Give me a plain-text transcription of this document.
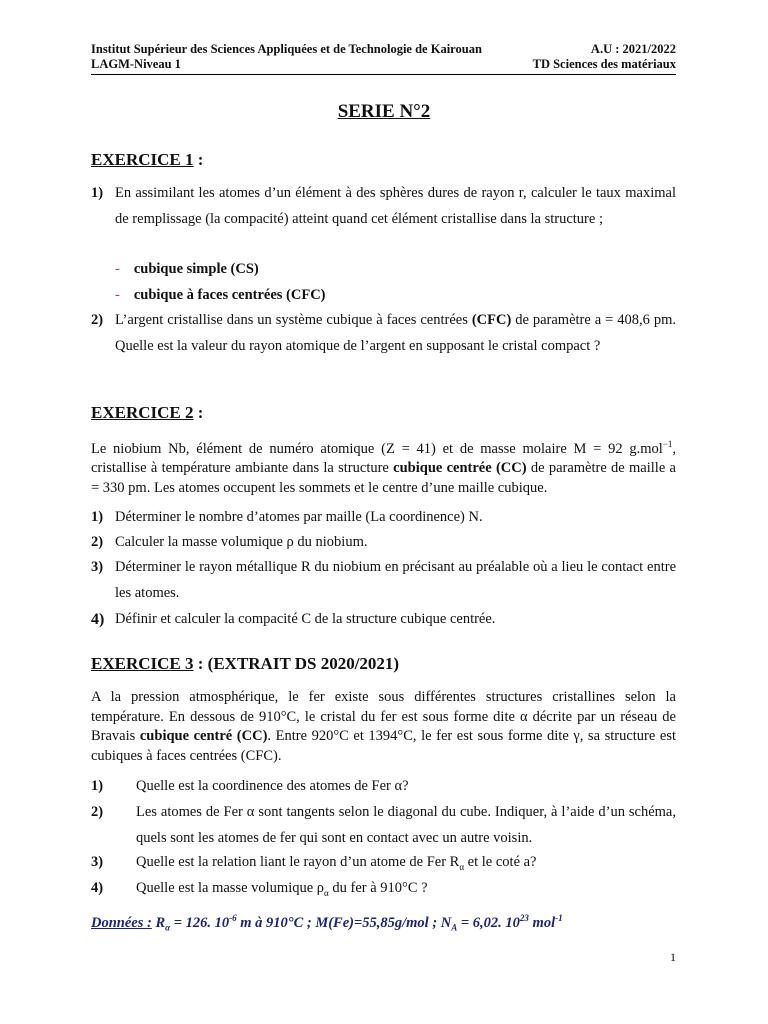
Institut Supérieur des Sciences Appliquées et de Technologie de Kairouan	A.U : 2021/2022
LAGM-Niveau 1	TD Sciences des matériaux
SERIE N°2
EXERCICE 1 :
1) En assimilant les atomes d’un élément à des sphères dures de rayon r, calculer le taux maximal de remplissage (la compacité) atteint quand cet élément cristallise dans la structure ;
- cubique simple (CS)
- cubique à faces centrées (CFC)
2) L’argent cristallise dans un système cubique à faces centrées (CFC) de paramètre a = 408,6 pm. Quelle est la valeur du rayon atomique de l’argent en supposant le cristal compact ?
EXERCICE 2 :
Le niobium Nb, élément de numéro atomique (Z = 41) et de masse molaire M = 92 g.mol$^{-1}$, cristallise à température ambiante dans la structure cubique centrée (CC) de paramètre de maille a = 330 pm. Les atomes occupent les sommets et le centre d’une maille cubique.
1) Déterminer le nombre d’atomes par maille (La coordinence) N.
2) Calculer la masse volumique ρ du niobium.
3) Déterminer le rayon métallique R du niobium en précisant au préalable où a lieu le contact entre les atomes.
4) Définir et calculer la compacité C de la structure cubique centrée.
EXERCICE 3 : (EXTRAIT DS 2020/2021)
A la pression atmosphérique, le fer existe sous différentes structures cristallines selon la température. En dessous de 910°C, le cristal du fer est sous forme dite α décrite par un réseau de Bravais cubique centré (CC). Entre 920°C et 1394°C, le fer est sous forme dite γ, sa structure est cubiques à faces centrées (CFC).
1) Quelle est la coordinence des atomes de Fer α?
2) Les atomes de Fer α sont tangents selon le diagonal du cube. Indiquer, à l’aide d’un schéma, quels sont les atomes de fer qui sont en contact avec un autre voisin.
3) Quelle est la relation liant le rayon d’un atome de Fer $R_\alpha$ et le coté a?
4) Quelle est la masse volumique $\rho_\alpha$ du fer à 910°C ?
Données : $R_\alpha = 126$. $10^{-6}$ m à 910°C ; M(Fe)=55,85g/mol ; $N_A = 6,02$. $10^{23}$ mol$^{-1}$
1
